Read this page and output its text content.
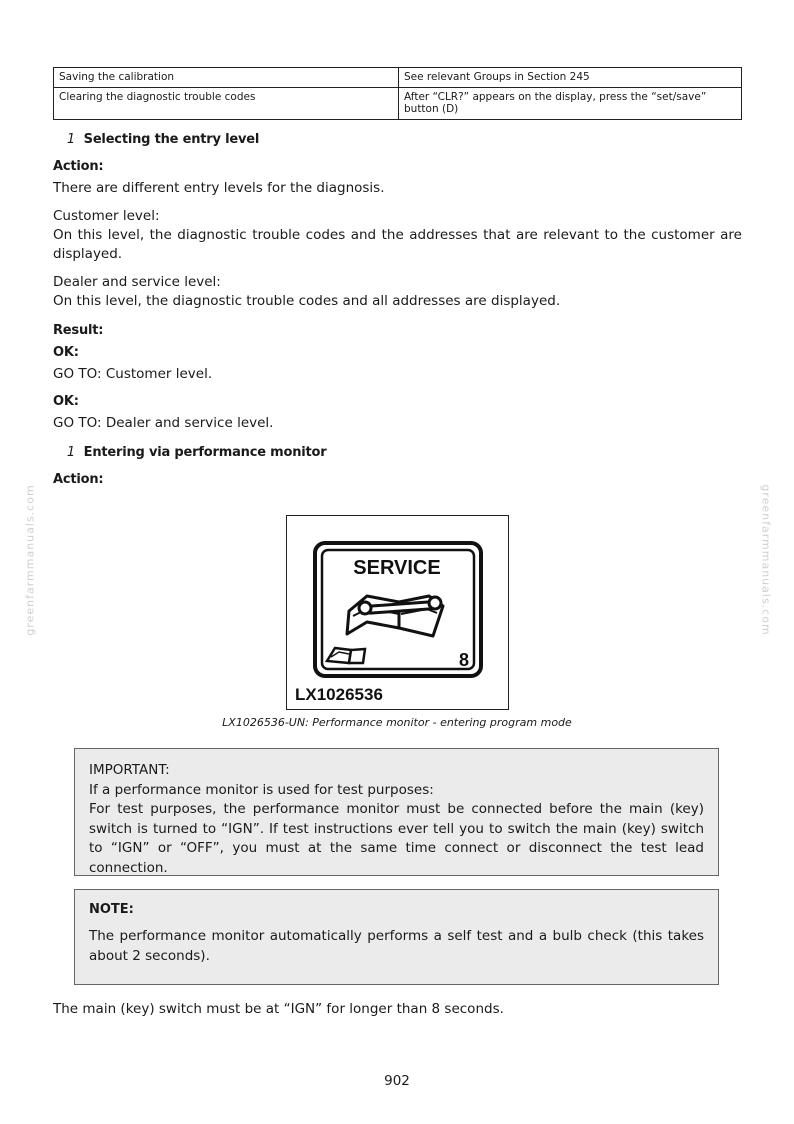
greenfarmmanuals.com	greenfarmmanuals.com
Saving the calibration	See relevant Groups in Section 245
Clearing the diagnostic trouble codes	After “CLR?” appears on the display, press the “set/save” button (D)
1 Selecting the entry level
Action:

There are different entry levels for the diagnosis.

Customer level:

On this level, the diagnostic trouble codes and the addresses that are relevant to the customer are displayed.

Dealer and service level:

On this level, the diagnostic trouble codes and all addresses are displayed.

Result:
OK:

GO TO: Customer level.

OK:

GO TO: Dealer and service level.

1 Entering via performance monitor
Action:
SERVICE
8
LX1026536
LX1026536-UN: Performance monitor - entering program mode

IMPORTANT:

If a performance monitor is used for test purposes:

For test purposes, the performance monitor must be connected before the main (key) switch is turned to “IGN”. If test instructions ever tell you to switch the main (key) switch to “IGN” or “OFF”, you must at the same time connect or disconnect the test lead connection.

NOTE:

The performance monitor automatically performs a self test and a bulb check (this takes about 2 seconds).

The main (key) switch must be at “IGN” for longer than 8 seconds.
902
